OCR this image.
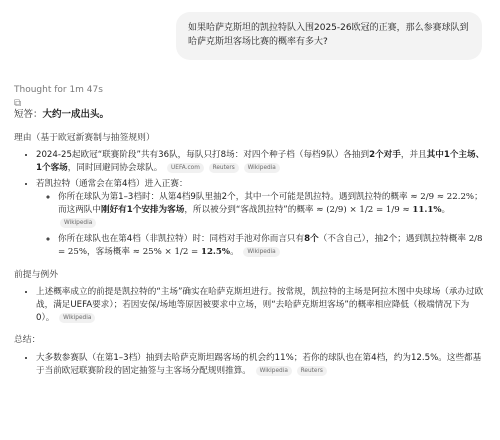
如果哈萨克斯坦的凯拉特队入围2025-26欧冠的正赛，那么参赛球队到哈萨克斯坦客场比赛的概率有多大?
Thought for 1m 47s
⧉

短答：大约一成出头。

理由（基于欧冠新赛制与抽签规则）
• 2024-25起欧冠“联赛阶段”共有36队，每队只打8场：对四个种子档（每档9队）各抽到2个对手，并且其中1个主场、1个客场，同时回避同协会球队。 UEFA.com Reuters Wikipedia
• 若凯拉特（通常会在第4档）进入正赛：
◦ 你所在球队为第1–3档时：从第4档9队里抽2个，其中一个可能是凯拉特。遇到凯拉特的概率 ≈ 2/9 ≈ 22.2%；而这两队中刚好有1个安排为客场，所以被分到“客战凯拉特”的概率 ≈ (2/9) × 1/2 = 1/9 ≈ 11.1%。 Wikipedia
◦ 你所在球队也在第4档（非凯拉特）时：同档对手池对你而言只有8个（不含自己），抽2个；遇到凯拉特概率 2/8 = 25%，客场概率 ≈ 25% × 1/2 = 12.5%。 Wikipedia
前提与例外
• 上述概率成立的前提是凯拉特的“主场”确实在哈萨克斯坦进行。按常规，凯拉特的主场是阿拉木图中央球场（承办过欧战，满足UEFA要求）；若因安保/场地等原因被要求中立场，则“去哈萨克斯坦客场”的概率相应降低（极端情况下为0）。 Wikipedia
总结：
• 大多数参赛队（在第1–3档）抽到去哈萨克斯坦踢客场的机会约11%；若你的球队也在第4档，约为12.5%。这些都基于当前欧冠联赛阶段的固定抽签与主客场分配规则推算。 Wikipedia Reuters
